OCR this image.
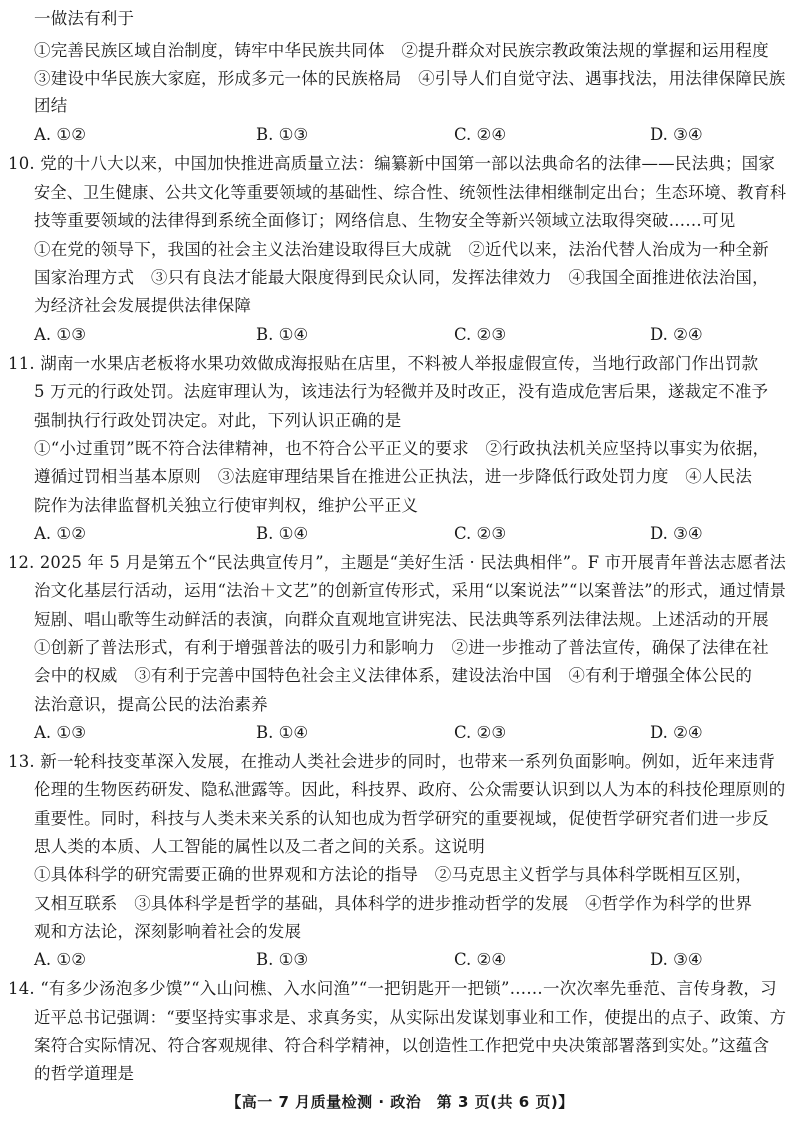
一做法有利于
①完善民族区域自治制度，铸牢中华民族共同体　②提升群众对民族宗教政策法规的掌握和运用程度
③建设中华民族大家庭，形成多元一体的民族格局　④引导人们自觉守法、遇事找法，用法律保障民族
团结
A. ①②	B. ①③	C. ②④	D. ③④
10. 党的十八大以来，中国加快推进高质量立法：编纂新中国第一部以法典命名的法律——民法典；国家
安全、卫生健康、公共文化等重要领域的基础性、综合性、统领性法律相继制定出台；生态环境、教育科
技等重要领域的法律得到系统全面修订；网络信息、生物安全等新兴领域立法取得突破……可见
①在党的领导下，我国的社会主义法治建设取得巨大成就　②近代以来，法治代替人治成为一种全新
国家治理方式　③只有良法才能最大限度得到民众认同，发挥法律效力　④我国全面推进依法治国，
为经济社会发展提供法律保障
A. ①③	B. ①④	C. ②③	D. ②④
11. 湖南一水果店老板将水果功效做成海报贴在店里，不料被人举报虚假宣传，当地行政部门作出罚款
5 万元的行政处罚。法庭审理认为，该违法行为轻微并及时改正，没有造成危害后果，遂裁定不准予
强制执行行政处罚决定。对此，下列认识正确的是
①“小过重罚”既不符合法律精神，也不符合公平正义的要求　②行政执法机关应坚持以事实为依据，
遵循过罚相当基本原则　③法庭审理结果旨在推进公正执法，进一步降低行政处罚力度　④人民法
院作为法律监督机关独立行使审判权，维护公平正义
A. ①②	B. ①④	C. ②③	D. ③④
12. 2025 年 5 月是第五个“民法典宣传月”，主题是“美好生活 · 民法典相伴”。F 市开展青年普法志愿者法
治文化基层行活动，运用“法治＋文艺”的创新宣传形式，采用“以案说法”“以案普法”的形式，通过情景
短剧、唱山歌等生动鲜活的表演，向群众直观地宣讲宪法、民法典等系列法律法规。上述活动的开展
①创新了普法形式，有利于增强普法的吸引力和影响力　②进一步推动了普法宣传，确保了法律在社
会中的权威　③有利于完善中国特色社会主义法律体系，建设法治中国　④有利于增强全体公民的
法治意识，提高公民的法治素养
A. ①③	B. ①④	C. ②③	D. ②④
13. 新一轮科技变革深入发展，在推动人类社会进步的同时，也带来一系列负面影响。例如，近年来违背
伦理的生物医药研发、隐私泄露等。因此，科技界、政府、公众需要认识到以人为本的科技伦理原则的
重要性。同时，科技与人类未来关系的认知也成为哲学研究的重要视域，促使哲学研究者们进一步反
思人类的本质、人工智能的属性以及二者之间的关系。这说明
①具体科学的研究需要正确的世界观和方法论的指导　②马克思主义哲学与具体科学既相互区别，
又相互联系　③具体科学是哲学的基础，具体科学的进步推动哲学的发展　④哲学作为科学的世界
观和方法论，深刻影响着社会的发展
A. ①②	B. ①③	C. ②④	D. ③④
14. “有多少汤泡多少馍”“入山问樵、入水问渔”“一把钥匙开一把锁”……一次次率先垂范、言传身教，习
近平总书记强调：“要坚持实事求是、求真务实，从实际出发谋划事业和工作，使提出的点子、政策、方
案符合实际情况、符合客观规律、符合科学精神，以创造性工作把党中央决策部署落到实处。”这蕴含
的哲学道理是
【高一 7 月质量检测 · 政治　第 3 页(共 6 页)】
